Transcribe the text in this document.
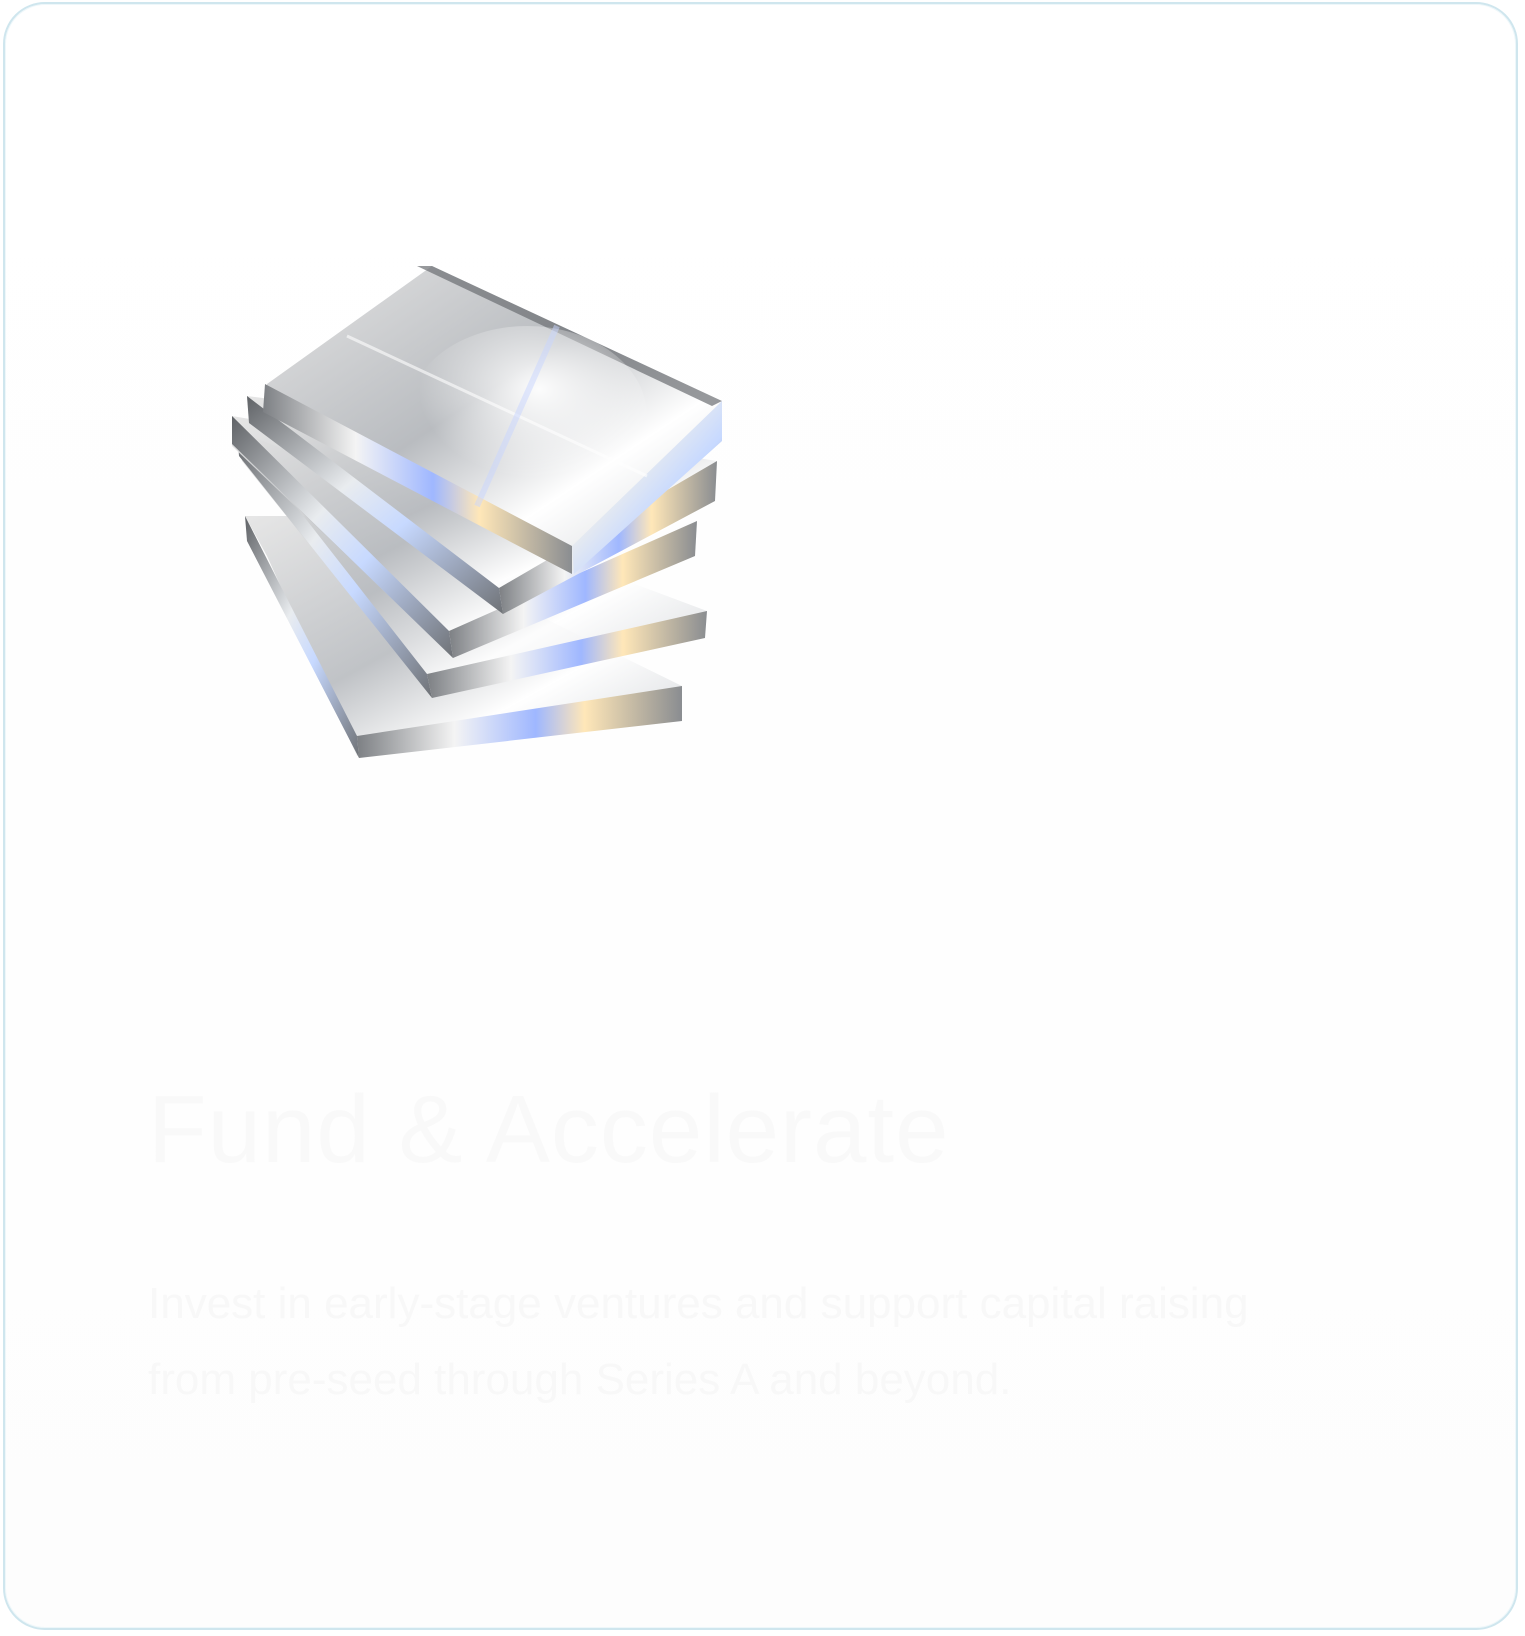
Fund & Accelerate

Invest in early-stage ventures and support capital raising from pre-seed through Series A and beyond.
